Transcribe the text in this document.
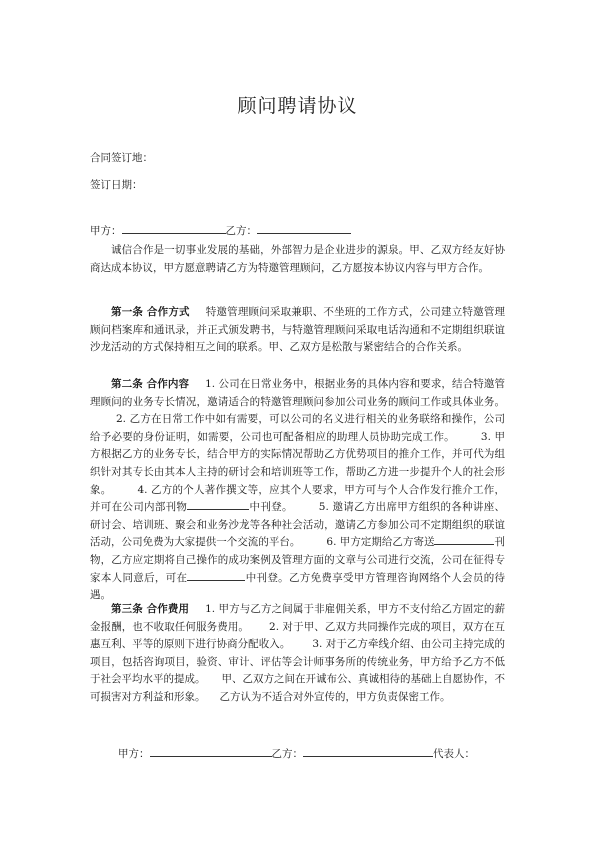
顾问聘请协议
合同签订地：
签订日期：
甲方：	乙方：
诚信合作是一切事业发展的基础，外部智力是企业进步的源泉。甲、乙双方经友好协商达成本协议，甲方愿意聘请乙方为特邀管理顾问，乙方愿按本协议内容与甲方合作。
第一条 合作方式 特邀管理顾问采取兼职、不坐班的工作方式，公司建立特邀管理顾问档案库和通讯录，并正式颁发聘书，与特邀管理顾问采取电话沟通和不定期组织联谊沙龙活动的方式保持相互之间的联系。甲、乙双方是松散与紧密结合的合作关系。
第二条 合作内容 1. 公司在日常业务中，根据业务的具体内容和要求，结合特邀管理顾问的业务专长情况，邀请适合的特邀管理顾问参加公司业务的顾问工作或具体业务。2. 乙方在日常工作中如有需要，可以公司的名义进行相关的业务联络和操作，公司给予必要的身份证明，如需要，公司也可配备相应的助理人员协助完成工作。 3. 甲方根据乙方的业务专长，结合甲方的实际情况帮助乙方优势项目的推介工作，并可代为组织针对其专长由其本人主持的研讨会和培训班等工作，帮助乙方进一步提升个人的社会形象。 4. 乙方的个人著作撰文等，应其个人要求，甲方可与个人合作发行推介工作，并可在公司内部刊物	中刊登。 5. 邀请乙方出席甲方组织的各种讲座、研讨会、培训班、聚会和业务沙龙等各种社会活动，邀请乙方参加公司不定期组织的联谊活动，公司免费为大家提供一个交流的平台。 6. 甲方定期给乙方寄送	刊物，乙方应定期将自己操作的成功案例及管理方面的文章与公司进行交流，公司在征得专家本人同意后，可在	中刊登。乙方免费享受甲方管理咨询网络个人会员的待遇。
第三条 合作费用 1. 甲方与乙方之间属于非雇佣关系，甲方不支付给乙方固定的薪金报酬，也不收取任何服务费用。 2. 对于甲、乙双方共同操作完成的项目，双方在互惠互利、平等的原则下进行协商分配收入。 3. 对于乙方牵线介绍、由公司主持完成的项目，包括咨询项目，验资、审计、评估等会计师事务所的传统业务，甲方给予乙方不低于社会平均水平的提成。 甲、乙双方之间在开诚布公、真诚相待的基础上自愿协作，不可损害对方利益和形象。 乙方认为不适合对外宣传的，甲方负责保密工作。
甲方：	乙方：	代表人：
